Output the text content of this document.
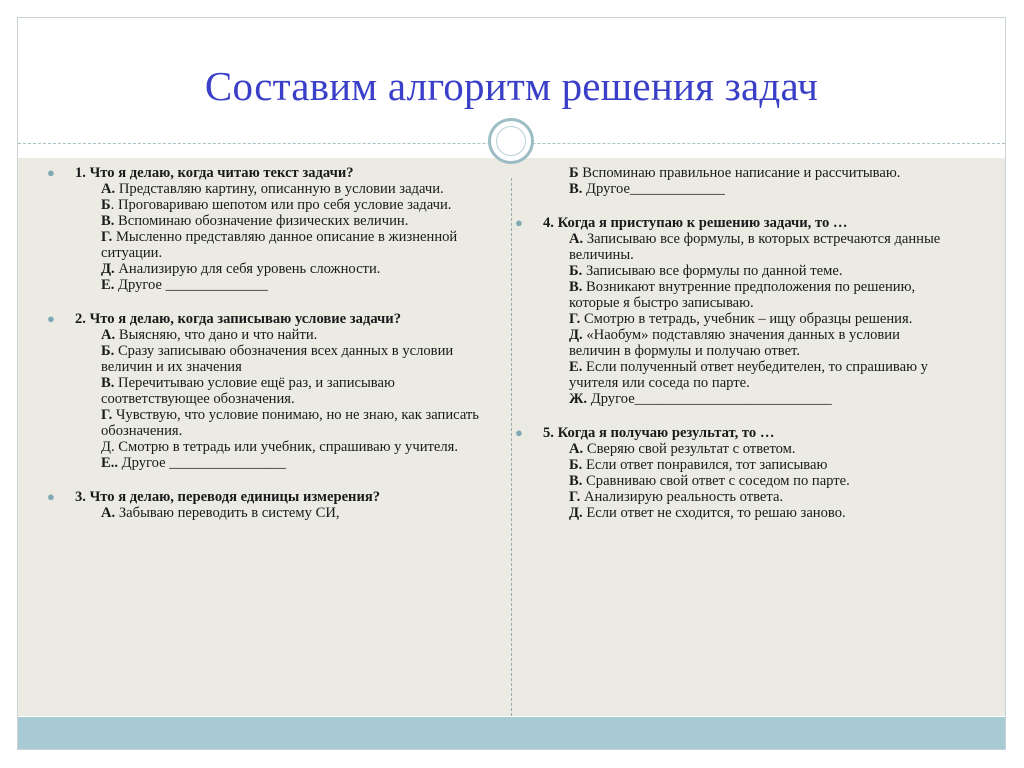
Составим алгоритм решения задач

● 1. Что я делаю, когда читаю текст задачи?

А. Представляю картину, описанную в условии задачи.

Б. Проговариваю шепотом или про себя условие задачи.

В. Вспоминаю обозначение физических величин.

Г. Мысленно представляю данное описание в жизненной ситуации.

Д. Анализирую для себя уровень сложности.

Е. Другое ______________

● 2. Что я делаю, когда записываю условие задачи?

А. Выясняю, что дано и что найти.

Б. Сразу записываю обозначения всех данных в условии величин и их значения

В. Перечитываю условие ещё раз, и записываю соответствующее обозначения.

Г. Чувствую, что условие понимаю, но не знаю, как записать обозначения.

Д. Смотрю в тетрадь или учебник, спрашиваю у учителя.

Е.. Другое ________________

● 3. Что я делаю, переводя единицы измерения?

А. Забываю переводить в систему СИ,

Б Вспоминаю правильное написание и рассчитываю.

В. Другое_____________

● 4. Когда я приступаю к решению задачи, то …

А. Записываю все формулы, в которых встречаются данные величины.

Б. Записываю все формулы по данной теме.

В. Возникают внутренние предположения по решению, которые я быстро записываю.

Г. Смотрю в тетрадь, учебник – ищу образцы решения.

Д. «Наобум» подставляю значения данных в условии величин в формулы и получаю ответ.

Е. Если полученный ответ неубедителен, то спрашиваю у учителя или соседа по парте.

Ж. Другое___________________________

● 5. Когда я получаю результат, то …

А. Сверяю свой результат с ответом.

Б. Если ответ понравился, тот записываю

В. Сравниваю свой ответ с соседом по парте.

Г. Анализирую реальность ответа.

Д. Если ответ не сходится, то решаю заново.
